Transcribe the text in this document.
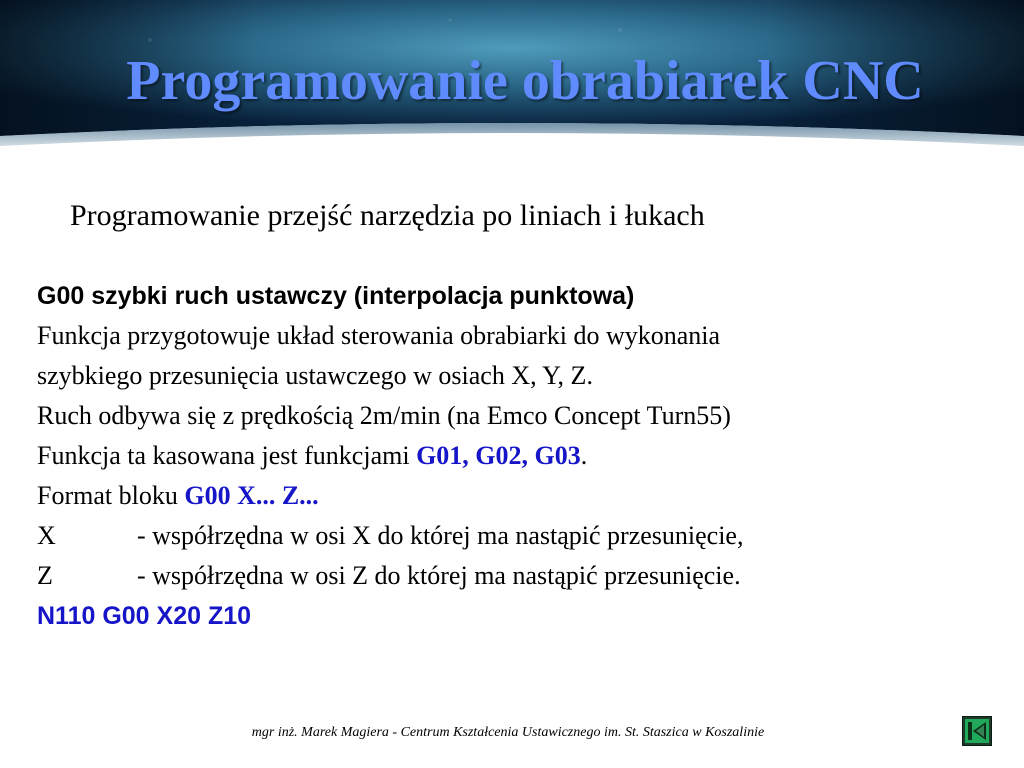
Programowanie obrabiarek CNC
Programowanie przejść narzędzia po liniach i łukach
G00 szybki ruch ustawczy (interpolacja punktowa)
Funkcja przygotowuje układ sterowania obrabiarki do wykonania
szybkiego przesunięcia ustawczego w osiach X, Y, Z.
Ruch odbywa się z prędkością 2m/min (na Emco Concept Turn55)
Funkcja ta kasowana jest funkcjami G01, G02, G03.
Format bloku G00 X... Z...
X	- współrzędna w osi X do której ma nastąpić przesunięcie,
Z	- współrzędna w osi Z do której ma nastąpić przesunięcie.
N110 G00 X20 Z10
mgr inż. Marek Magiera - Centrum Kształcenia Ustawicznego im. St. Staszica w Koszalinie
